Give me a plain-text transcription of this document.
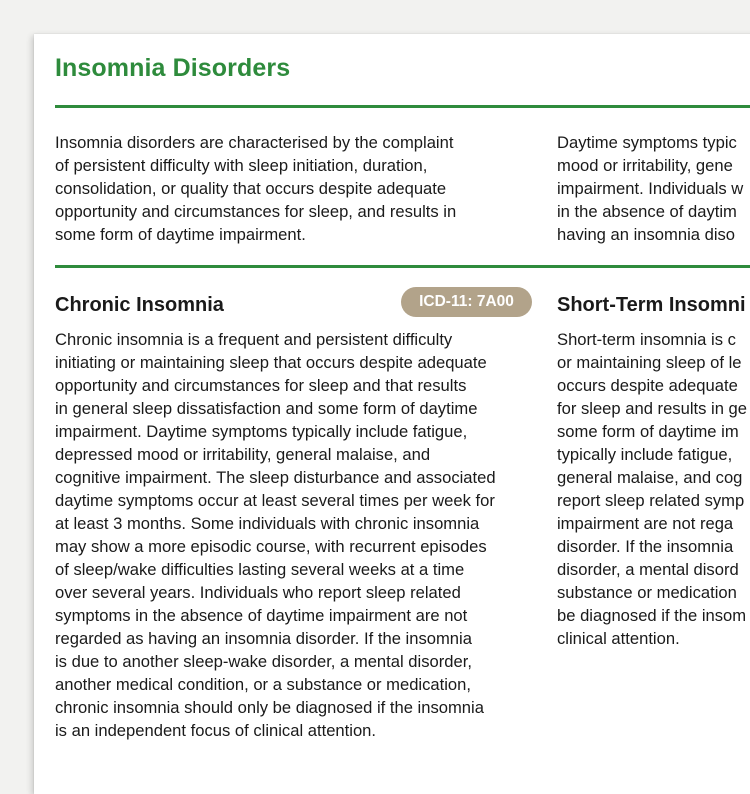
Insomnia Disorders

Insomnia disorders are characterised by the complaint
of persistent difficulty with sleep initiation, duration,
consolidation, or quality that occurs despite adequate
opportunity and circumstances for sleep, and results in
some form of daytime impairment.

Daytime symptoms typic
mood or irritability, gene
impairment. Individuals w
in the absence of daytim
having an insomnia diso

Chronic Insomnia	ICD-11: 7A00

Chronic insomnia is a frequent and persistent difficulty
initiating or maintaining sleep that occurs despite adequate
opportunity and circumstances for sleep and that results
in general sleep dissatisfaction and some form of daytime
impairment. Daytime symptoms typically include fatigue,
depressed mood or irritability, general malaise, and
cognitive impairment. The sleep disturbance and associated
daytime symptoms occur at least several times per week for
at least 3 months. Some individuals with chronic insomnia
may show a more episodic course, with recurrent episodes
of sleep/wake difficulties lasting several weeks at a time
over several years. Individuals who report sleep related
symptoms in the absence of daytime impairment are not
regarded as having an insomnia disorder. If the insomnia
is due to another sleep-wake disorder, a mental disorder,
another medical condition, or a substance or medication,
chronic insomnia should only be diagnosed if the insomnia
is an independent focus of clinical attention.

Short-Term Insomni

Short-term insomnia is c
or maintaining sleep of le
occurs despite adequate
for sleep and results in ge
some form of daytime im
typically include fatigue,
general malaise, and cog
report sleep related symp
impairment are not rega
disorder. If the insomnia
disorder, a mental disord
substance or medication
be diagnosed if the insom
clinical attention.
